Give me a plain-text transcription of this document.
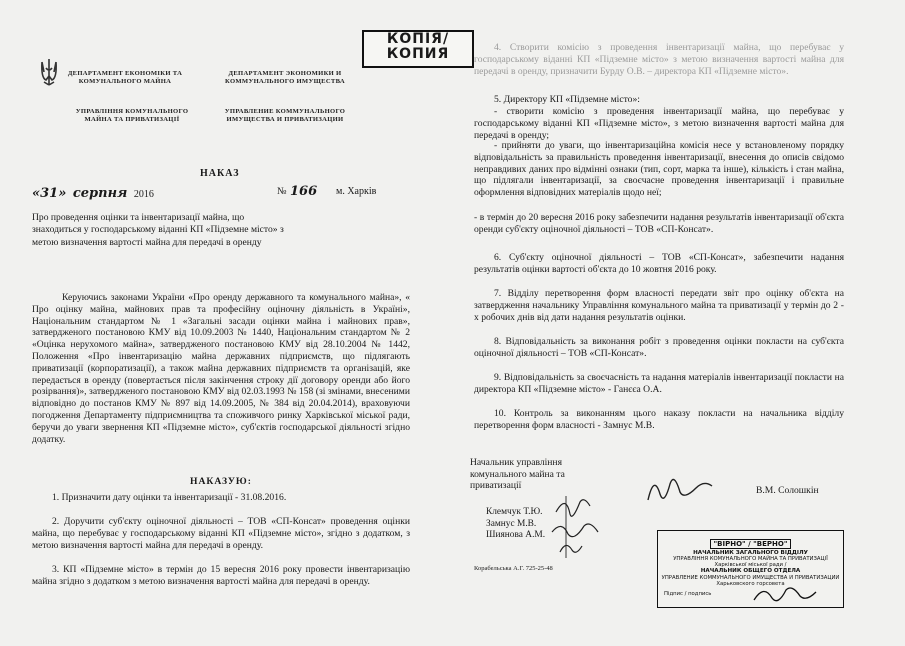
ДЕПАРТАМЕНТ ЕКОНОМІКИ ТА КОМУНАЛЬНОГО МАЙНА
ДЕПАРТАМЕНТ ЭКОНОМИКИ И КОММУНАЛЬНОГО ИМУЩЕСТВА
УПРАВЛІННЯ КОМУНАЛЬНОГО МАЙНА ТА ПРИВАТИЗАЦІЇ
УПРАВЛЕНИЕ КОММУНАЛЬНОГО ИМУЩЕСТВА И ПРИВАТИЗАЦИИ
КОПІЯ/
КОПИЯ
НАКАЗ
«31» серпня 2016	№ 166 м. Харків
Про проведення оцінки та інвентаризації майна, що знаходиться у господарському віданні КП «Підземне місто» з метою визначення вартості майна для передачі в оренду

Керуючись законами України «Про оренду державного та комунального майна», « Про оцінку майна, майнових прав та професійну оціночну діяльність в Україні», Національним стандартом № 1 «Загальні засади оцінки майна і майнових прав», затвердженого постановою КМУ від 10.09.2003 № 1440, Національним стандартом № 2 «Оцінка нерухомого майна», затвердженого постановою КМУ від 28.10.2004 № 1442, Положення «Про інвентаризацію майна державних підприємств, що підлягають приватизації (корпоратизації), а також майна державних підприємств та організацій, яке передається в оренду (повертається після закінчення строку дії договору оренди або його розірвання)», затвердженого постановою КМУ від 02.03.1993 № 158 (зі змінами, внесеними відповідно до постанов КМУ № 897 від 14.09.2005, № 384 від 20.04.2014), враховуючи погодження Департаменту підприємництва та споживчого ринку Харківської міської ради, беручи до уваги звернення КП «Підземне місто», суб'єктів господарської діяльності згідно додатку.

НАКАЗУЮ:

1. Призначити дату оцінки та інвентаризації - 31.08.2016.

2. Доручити суб'єкту оціночної діяльності – ТОВ «СП-Консат» проведення оцінки майна, що перебуває у господарському віданні КП «Підземне місто», згідно з додатком, з метою визначення вартості майна для передачі в оренду.

3. КП «Підземне місто» в термін до 15 вересня 2016 року провести інвентаризацію майна згідно з додатком з метою визначення вартості майна для передачі в оренду.

4. Створити комісію з проведення інвентаризації майна, що перебуває у господарському віданні КП «Підземне місто» з метою визначення вартості майна для передачі в оренду, призначити Бурду О.В. – директора КП «Підземне місто».

5. Директору КП «Підземне місто»:

- створити комісію з проведення інвентаризації майна, що перебуває у господарському віданні КП «Підземне місто», з метою визначення вартості майна для передачі в оренду;

- прийняти до уваги, що інвентаризаційна комісія несе у встановленому порядку відповідальність за правильність проведення інвентаризації, внесення до описів свідомо неправдивих даних про відмінні ознаки (тип, сорт, марка та інше), кількість і стан майна, що підлягали інвентаризації, за своєчасне проведення інвентаризації і правильне оформлення відповідних матеріалів щодо неї;

- в термін до 20 вересня 2016 року забезпечити надання результатів інвентаризації об'єкта оренди суб'єкту оціночної діяльності – ТОВ «СП-Консат».

6. Суб'єкту оціночної діяльності – ТОВ «СП-Консат», забезпечити надання результатів оцінки вартості об'єкта до 10 жовтня 2016 року.

7. Відділу перетворення форм власності передати звіт про оцінку об'єкта на затвердження начальнику Управління комунального майна та приватизації у термін до 2 - х робочих днів від дати надання результатів оцінки.

8. Відповідальність за виконання робіт з проведення оцінки покласти на суб'єкта оціночної діяльності – ТОВ «СП-Консат».

9. Відповідальність за своєчасність та надання матеріалів інвентаризації покласти на директора КП «Підземне місто» - Ганєєа О.А.

10. Контроль за виконанням цього наказу покласти на начальника відділу перетворення форм власності - Замнус М.В.

Начальник управління комунального майна та приватизації	В.М. Солошкін
Клемчук Т.Ю.
Замнус М.В.
Шиянова А.М.
Корабельська А.Г. 725-25-48
"ВІРНО" / "ВЕРНО"
НАЧАЛЬНИК ЗАГАЛЬНОГО ВІДДІЛУ
УПРАВЛІННЯ КОМУНАЛЬНОГО МАЙНА ТА ПРИВАТИЗАЦІЇ
Харківської міської ради /
НАЧАЛЬНИК ОБЩЕГО ОТДЕЛА
УПРАВЛЕНИЕ КОММУНАЛЬНОГО ИМУЩЕСТВА И ПРИВАТИЗАЦИИ
Харьковского горсовета
Підпис / подпись
